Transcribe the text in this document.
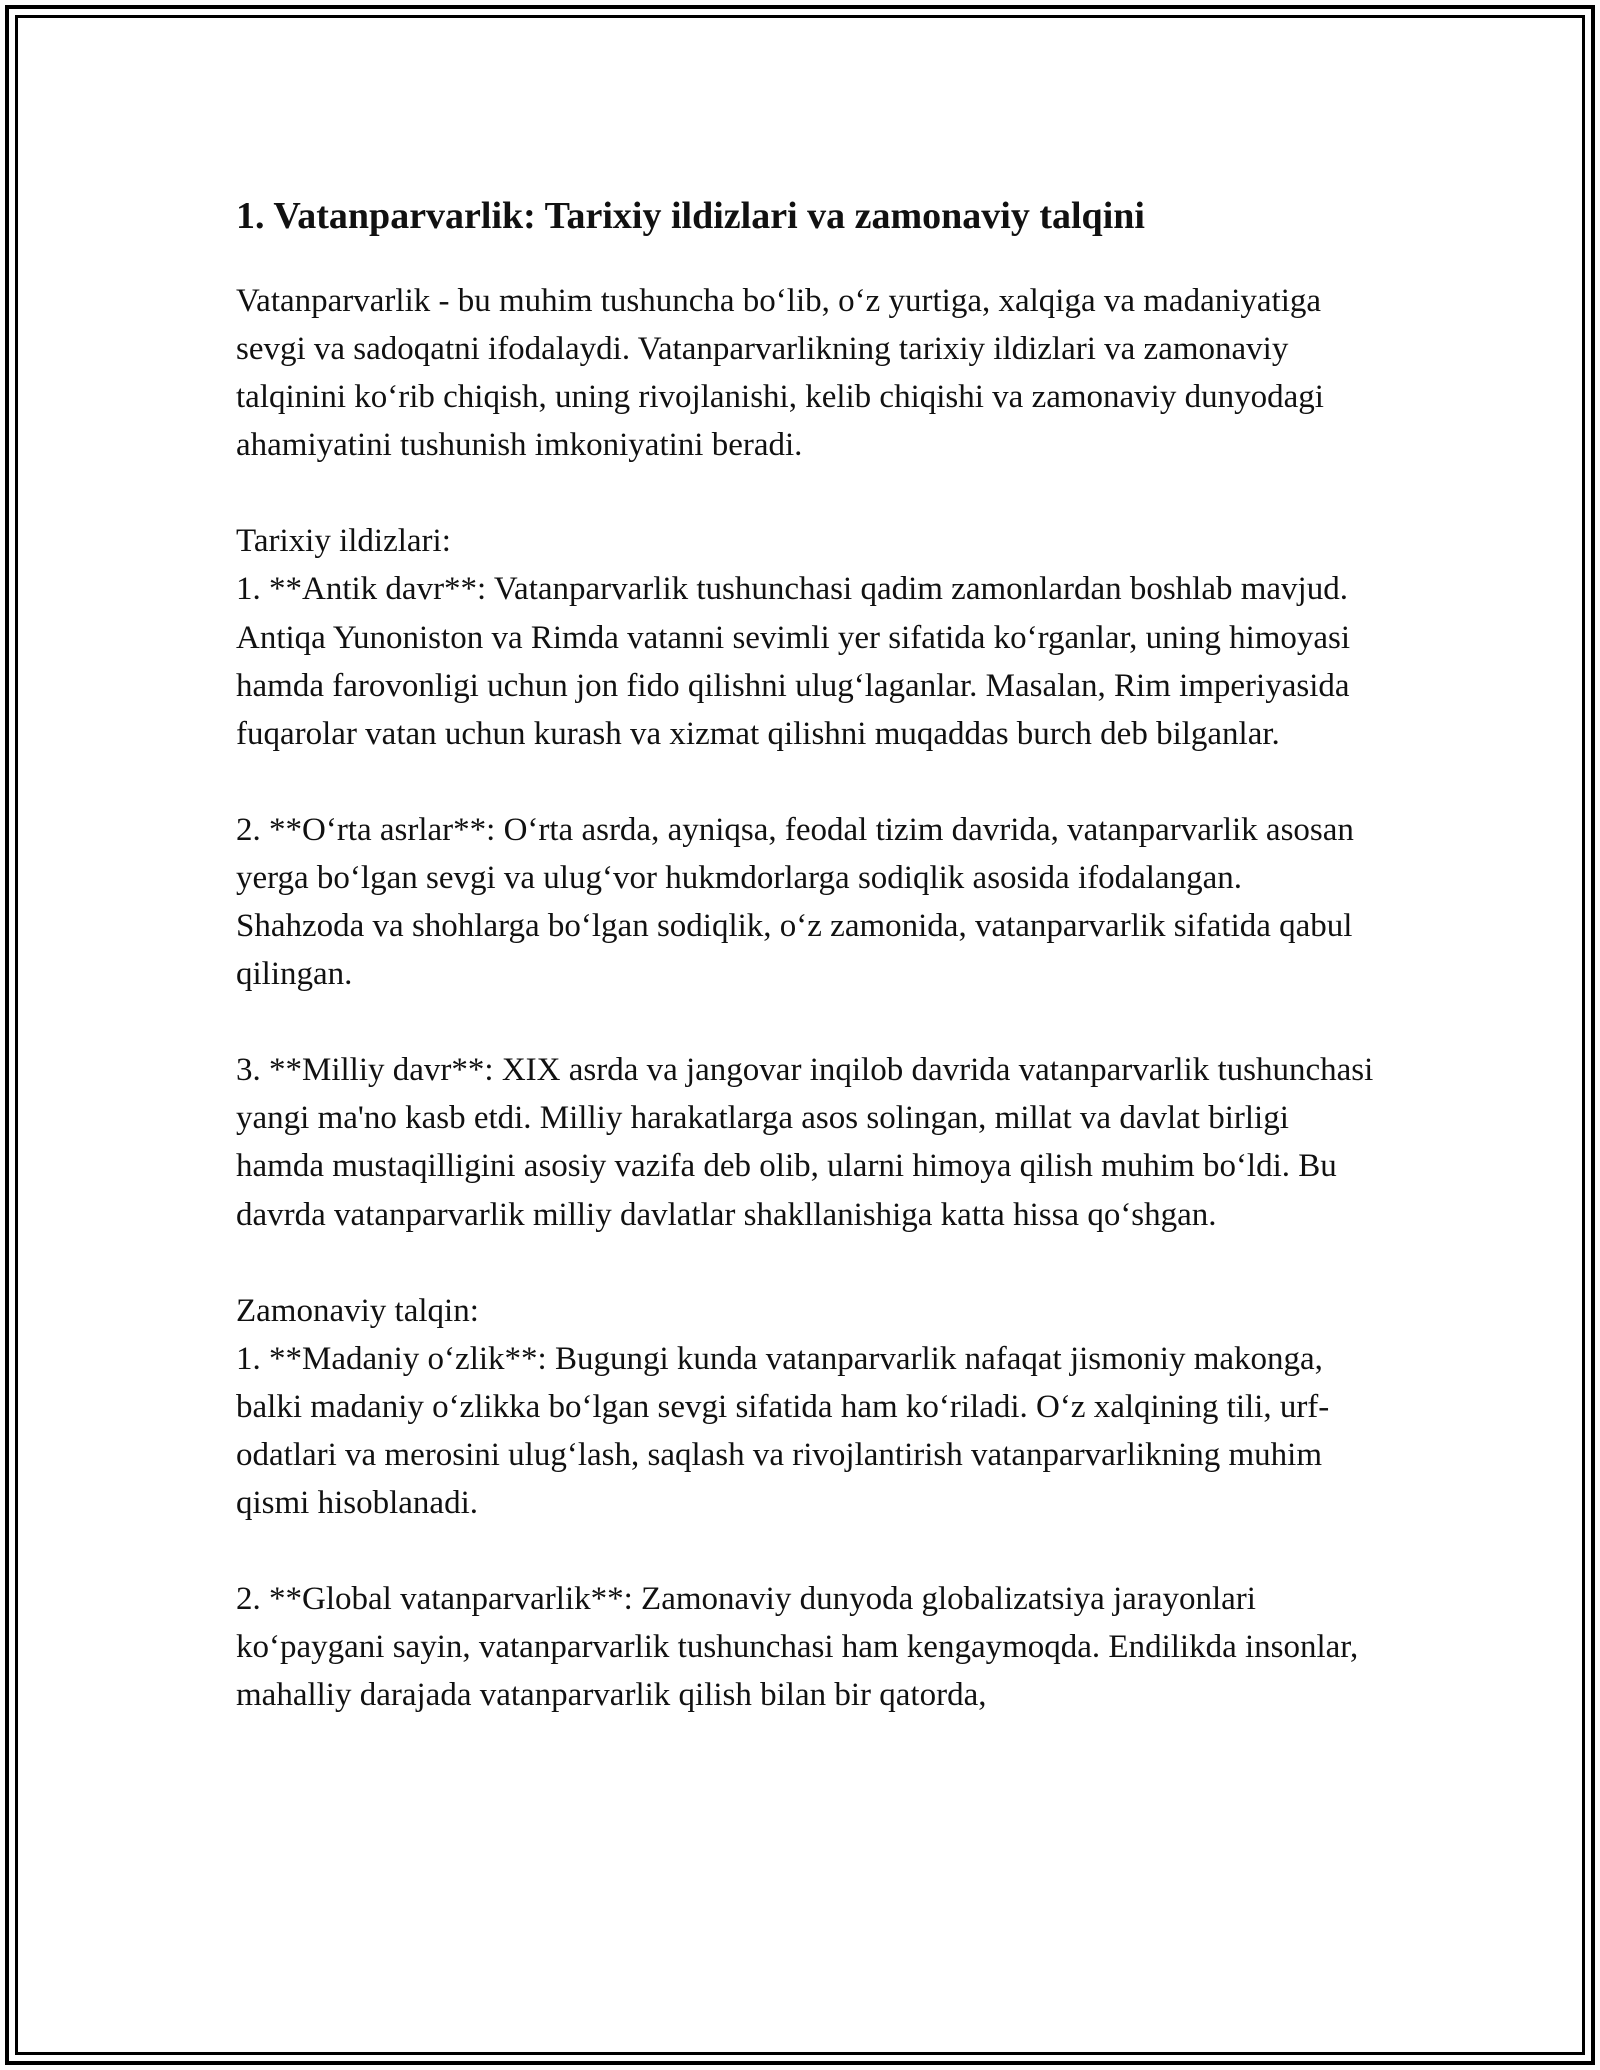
1. Vatanparvarlik: Tarixiy ildizlari va zamonaviy talqini

Vatanparvarlik - bu muhim tushuncha bo‘lib, o‘z yurtiga, xalqiga va madaniyatiga sevgi va sadoqatni ifodalaydi. Vatanparvarlikning tarixiy ildizlari va zamonaviy talqinini ko‘rib chiqish, uning rivojlanishi, kelib chiqishi va zamonaviy dunyodagi ahamiyatini tushunish imkoniyatini beradi.

Tarixiy ildizlari:

1. **Antik davr**: Vatanparvarlik tushunchasi qadim zamonlardan boshlab mavjud. Antiqa Yunoniston va Rimda vatanni sevimli yer sifatida ko‘rganlar, uning himoyasi hamda farovonligi uchun jon fido qilishni ulug‘laganlar. Masalan, Rim imperiyasida fuqarolar vatan uchun kurash va xizmat qilishni muqaddas burch deb bilganlar.

2. **O‘rta asrlar**: O‘rta asrda, ayniqsa, feodal tizim davrida, vatanparvarlik asosan yerga bo‘lgan sevgi va ulug‘vor hukmdorlarga sodiqlik asosida ifodalangan. Shahzoda va shohlarga bo‘lgan sodiqlik, o‘z zamonida, vatanparvarlik sifatida qabul qilingan.

3. **Milliy davr**: XIX asrda va jangovar inqilob davrida vatanparvarlik tushunchasi yangi ma'no kasb etdi. Milliy harakatlarga asos solingan, millat va davlat birligi hamda mustaqilligini asosiy vazifa deb olib, ularni himoya qilish muhim bo‘ldi. Bu davrda vatanparvarlik milliy davlatlar shakllanishiga katta hissa qo‘shgan.

Zamonaviy talqin:

1. **Madaniy o‘zlik**: Bugungi kunda vatanparvarlik nafaqat jismoniy makonga, balki madaniy o‘zlikka bo‘lgan sevgi sifatida ham ko‘riladi. O‘z xalqining tili, urf-odatlari va merosini ulug‘lash, saqlash va rivojlantirish vatanparvarlikning muhim qismi hisoblanadi.

2. **Global vatanparvarlik**: Zamonaviy dunyoda globalizatsiya jarayonlari ko‘paygani sayin, vatanparvarlik tushunchasi ham kengaymoqda. Endilikda insonlar, mahalliy darajada vatanparvarlik qilish bilan bir qatorda,
